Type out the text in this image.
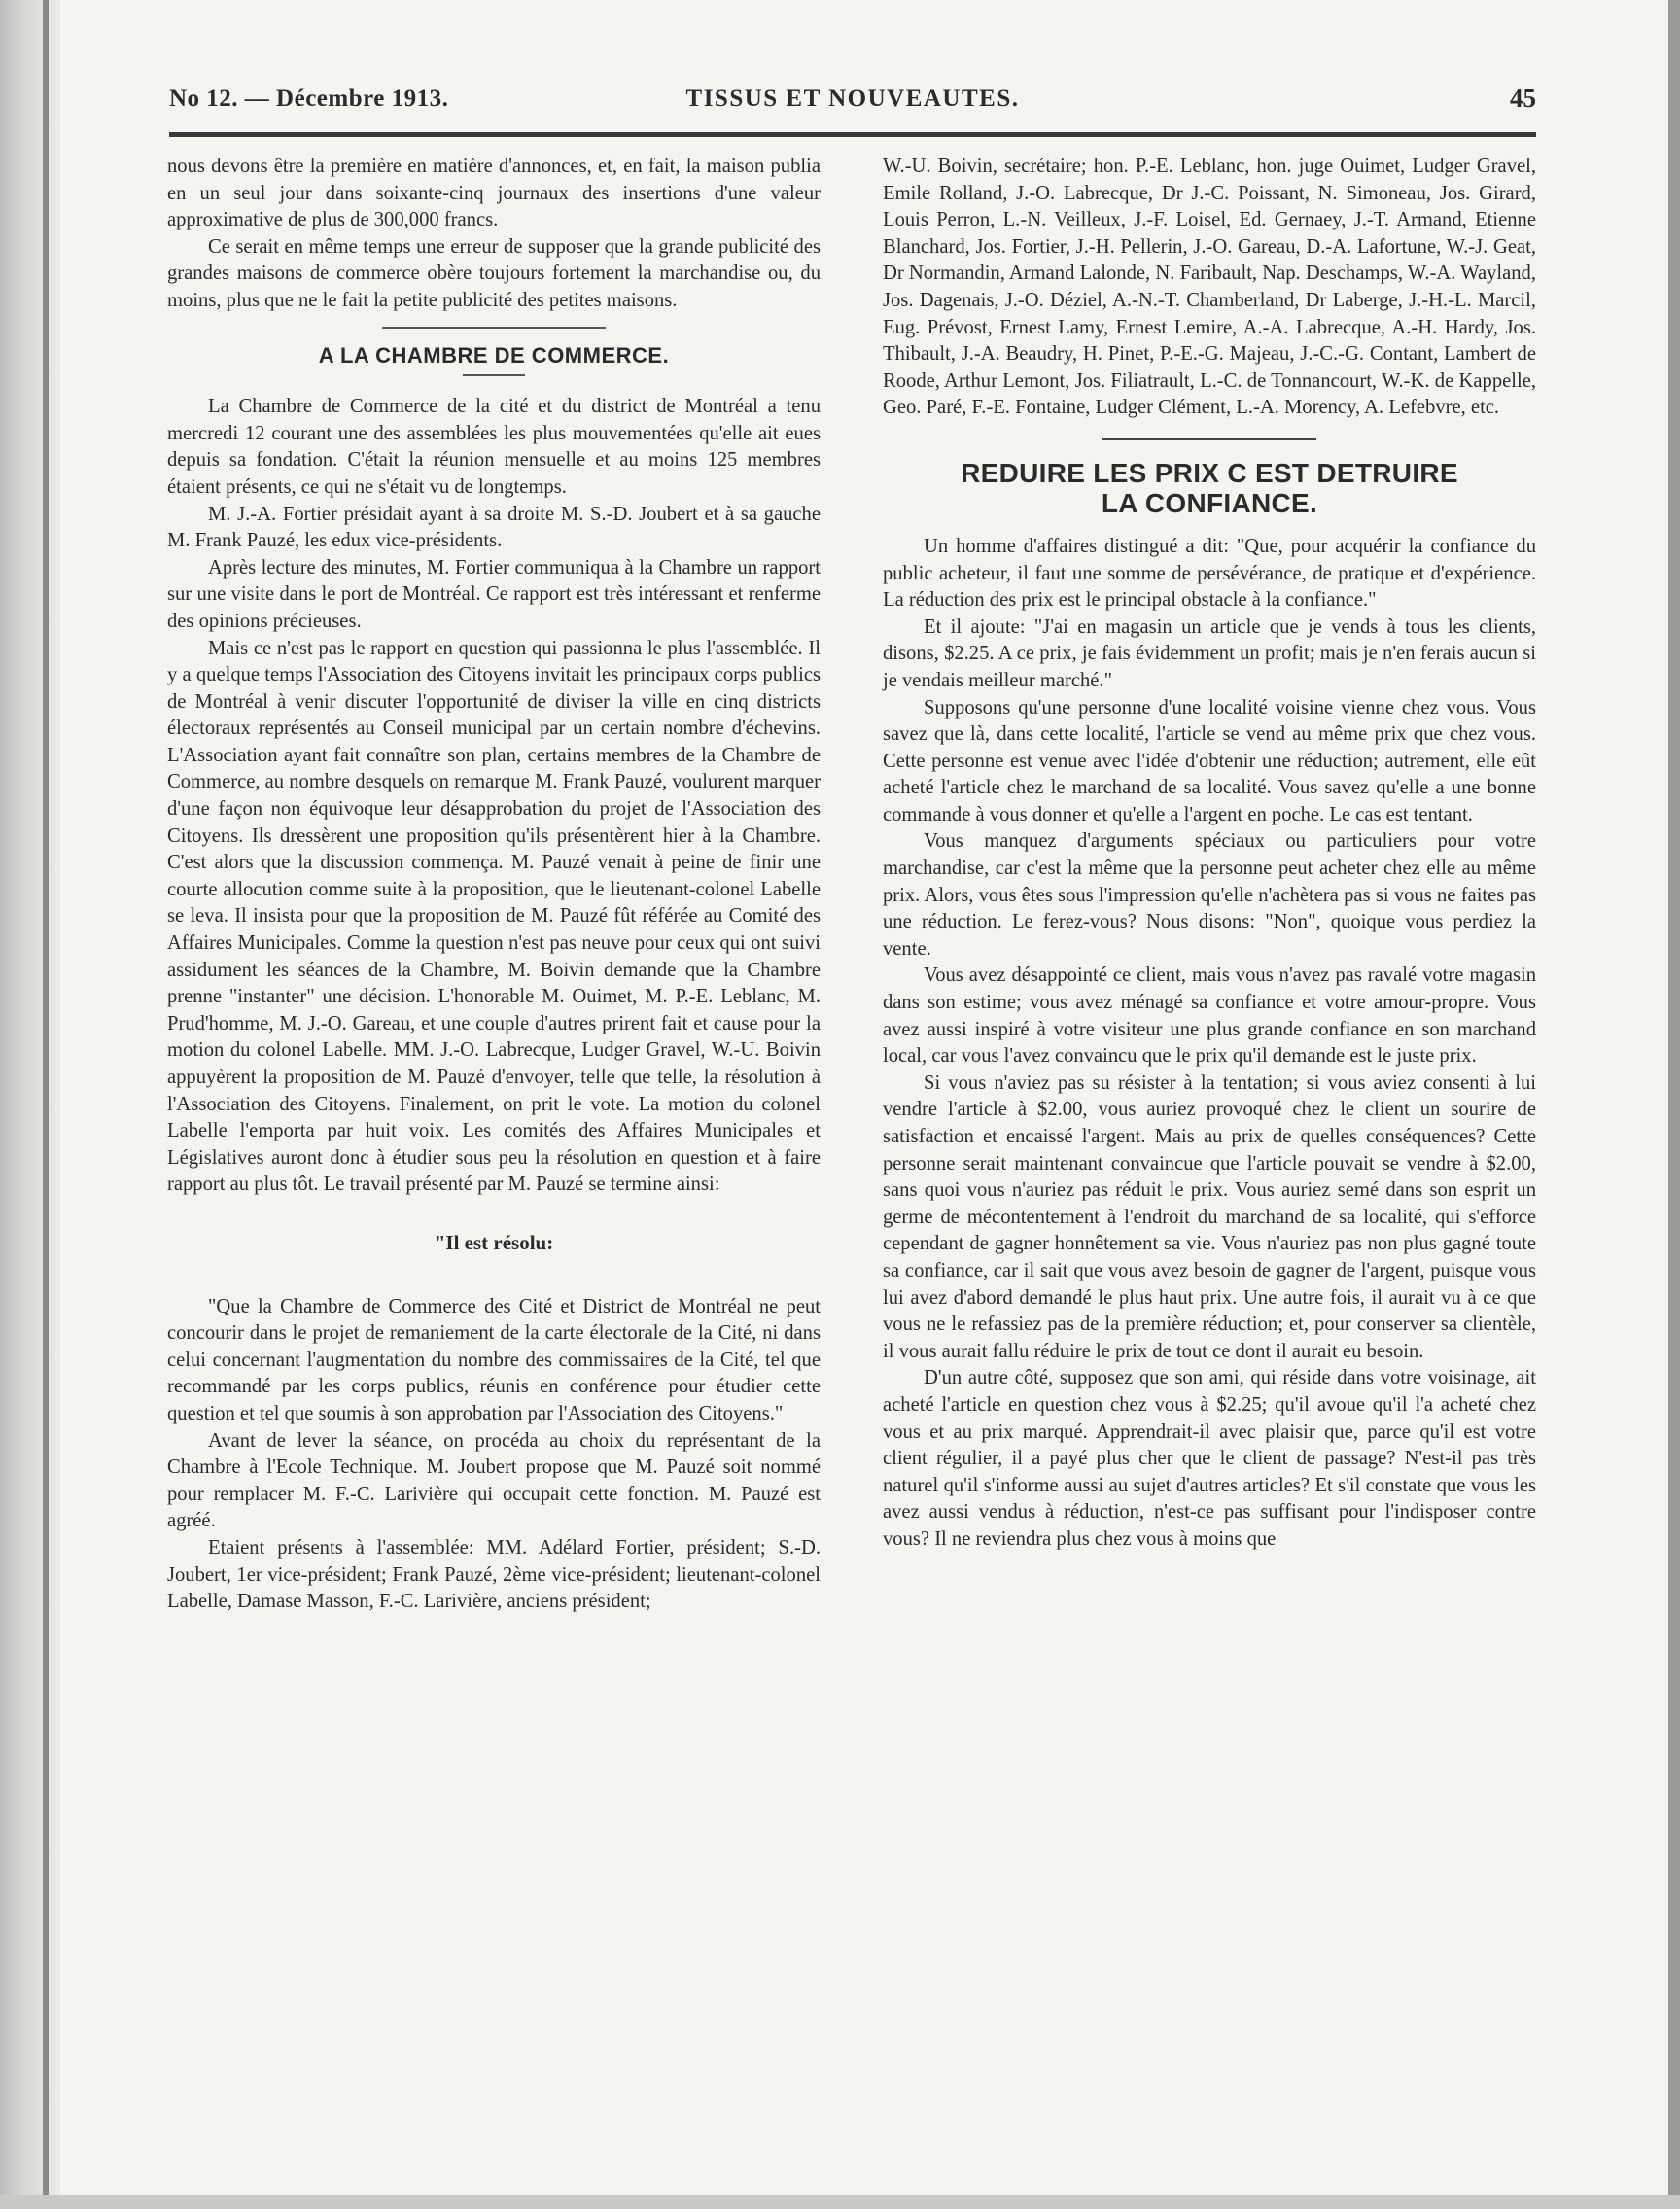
No 12. — Décembre 1913.	TISSUS ET NOUVEAUTES.	45

nous devons être la première en matière d'annonces, et, en fait, la maison publia en un seul jour dans soixante-cinq journaux des insertions d'une valeur approximative de plus de 300,000 francs.

Ce serait en même temps une erreur de supposer que la grande publicité des grandes maisons de commerce obère toujours fortement la marchandise ou, du moins, plus que ne le fait la petite publicité des petites maisons.

A LA CHAMBRE DE COMMERCE.

La Chambre de Commerce de la cité et du district de Montréal a tenu mercredi 12 courant une des assemblées les plus mouvementées qu'elle ait eues depuis sa fondation. C'était la réunion mensuelle et au moins 125 membres étaient présents, ce qui ne s'était vu de longtemps.

M. J.-A. Fortier présidait ayant à sa droite M. S.-D. Joubert et à sa gauche M. Frank Pauzé, les edux vice-présidents.

Après lecture des minutes, M. Fortier communiqua à la Chambre un rapport sur une visite dans le port de Montréal. Ce rapport est très intéressant et renferme des opinions précieuses.

Mais ce n'est pas le rapport en question qui passionna le plus l'assemblée. Il y a quelque temps l'Association des Citoyens invitait les principaux corps publics de Montréal à venir discuter l'opportunité de diviser la ville en cinq districts électoraux représentés au Conseil municipal par un certain nombre d'échevins. L'Association ayant fait connaître son plan, certains membres de la Chambre de Commerce, au nombre desquels on remarque M. Frank Pauzé, voulurent marquer d'une façon non équivoque leur désapprobation du projet de l'Association des Citoyens. Ils dressèrent une proposition qu'ils présentèrent hier à la Chambre. C'est alors que la discussion commença. M. Pauzé venait à peine de finir une courte allocution comme suite à la proposition, que le lieutenant-colonel Labelle se leva. Il insista pour que la proposition de M. Pauzé fût référée au Comité des Affaires Municipales. Comme la question n'est pas neuve pour ceux qui ont suivi assidument les séances de la Chambre, M. Boivin demande que la Chambre prenne "instanter" une décision. L'honorable M. Ouimet, M. P.-E. Leblanc, M. Prud'homme, M. J.-O. Gareau, et une couple d'autres prirent fait et cause pour la motion du colonel Labelle. MM. J.-O. Labrecque, Ludger Gravel, W.-U. Boivin appuyèrent la proposition de M. Pauzé d'envoyer, telle que telle, la résolution à l'Association des Citoyens. Finalement, on prit le vote. La motion du colonel Labelle l'emporta par huit voix. Les comités des Affaires Municipales et Législatives auront donc à étudier sous peu la résolution en question et à faire rapport au plus tôt. Le travail présenté par M. Pauzé se termine ainsi:

"Il est résolu:

"Que la Chambre de Commerce des Cité et District de Montréal ne peut concourir dans le projet de remaniement de la carte électorale de la Cité, ni dans celui concernant l'augmentation du nombre des commissaires de la Cité, tel que recommandé par les corps publics, réunis en conférence pour étudier cette question et tel que soumis à son approbation par l'Association des Citoyens."

Avant de lever la séance, on procéda au choix du représentant de la Chambre à l'Ecole Technique. M. Joubert propose que M. Pauzé soit nommé pour remplacer M. F.-C. Larivière qui occupait cette fonction. M. Pauzé est agréé.

Etaient présents à l'assemblée: MM. Adélard Fortier, président; S.-D. Joubert, 1er vice-président; Frank Pauzé, 2ème vice-président; lieutenant-colonel Labelle, Damase Masson, F.-C. Larivière, anciens président;

W.-U. Boivin, secrétaire; hon. P.-E. Leblanc, hon. juge Ouimet, Ludger Gravel, Emile Rolland, J.-O. Labrecque, Dr J.-C. Poissant, N. Simoneau, Jos. Girard, Louis Perron, L.-N. Veilleux, J.-F. Loisel, Ed. Gernaey, J.-T. Armand, Etienne Blanchard, Jos. Fortier, J.-H. Pellerin, J.-O. Gareau, D.-A. Lafortune, W.-J. Geat, Dr Normandin, Armand Lalonde, N. Faribault, Nap. Deschamps, W.-A. Wayland, Jos. Dagenais, J.-O. Déziel, A.-N.-T. Chamberland, Dr Laberge, J.-H.-L. Marcil, Eug. Prévost, Ernest Lamy, Ernest Lemire, A.-A. Labrecque, A.-H. Hardy, Jos. Thibault, J.-A. Beaudry, H. Pinet, P.-E.-G. Majeau, J.-C.-G. Contant, Lambert de Roode, Arthur Lemont, Jos. Filiatrault, L.-C. de Tonnancourt, W.-K. de Kappelle, Geo. Paré, F.-E. Fontaine, Ludger Clément, L.-A. Morency, A. Lefebvre, etc.

REDUIRE LES PRIX C EST DETRUIRE
LA CONFIANCE.

Un homme d'affaires distingué a dit: "Que, pour acquérir la confiance du public acheteur, il faut une somme de persévérance, de pratique et d'expérience. La réduction des prix est le principal obstacle à la confiance."

Et il ajoute: "J'ai en magasin un article que je vends à tous les clients, disons, $2.25. A ce prix, je fais évidemment un profit; mais je n'en ferais aucun si je vendais meilleur marché."

Supposons qu'une personne d'une localité voisine vienne chez vous. Vous savez que là, dans cette localité, l'article se vend au même prix que chez vous. Cette personne est venue avec l'idée d'obtenir une réduction; autrement, elle eût acheté l'article chez le marchand de sa localité. Vous savez qu'elle a une bonne commande à vous donner et qu'elle a l'argent en poche. Le cas est tentant.

Vous manquez d'arguments spéciaux ou particuliers pour votre marchandise, car c'est la même que la personne peut acheter chez elle au même prix. Alors, vous êtes sous l'impression qu'elle n'achètera pas si vous ne faites pas une réduction. Le ferez-vous? Nous disons: "Non", quoique vous perdiez la vente.

Vous avez désappointé ce client, mais vous n'avez pas ravalé votre magasin dans son estime; vous avez ménagé sa confiance et votre amour-propre. Vous avez aussi inspiré à votre visiteur une plus grande confiance en son marchand local, car vous l'avez convaincu que le prix qu'il demande est le juste prix.

Si vous n'aviez pas su résister à la tentation; si vous aviez consenti à lui vendre l'article à $2.00, vous auriez provoqué chez le client un sourire de satisfaction et encaissé l'argent. Mais au prix de quelles conséquences? Cette personne serait maintenant convaincue que l'article pouvait se vendre à $2.00, sans quoi vous n'auriez pas réduit le prix. Vous auriez semé dans son esprit un germe de mécontentement à l'endroit du marchand de sa localité, qui s'efforce cependant de gagner honnêtement sa vie. Vous n'auriez pas non plus gagné toute sa confiance, car il sait que vous avez besoin de gagner de l'argent, puisque vous lui avez d'abord demandé le plus haut prix. Une autre fois, il aurait vu à ce que vous ne le refassiez pas de la première réduction; et, pour conserver sa clientèle, il vous aurait fallu réduire le prix de tout ce dont il aurait eu besoin.

D'un autre côté, supposez que son ami, qui réside dans votre voisinage, ait acheté l'article en question chez vous à $2.25; qu'il avoue qu'il l'a acheté chez vous et au prix marqué. Apprendrait-il avec plaisir que, parce qu'il est votre client régulier, il a payé plus cher que le client de passage? N'est-il pas très naturel qu'il s'informe aussi au sujet d'autres articles? Et s'il constate que vous les avez aussi vendus à réduction, n'est-ce pas suffisant pour l'indisposer contre vous? Il ne reviendra plus chez vous à moins que
